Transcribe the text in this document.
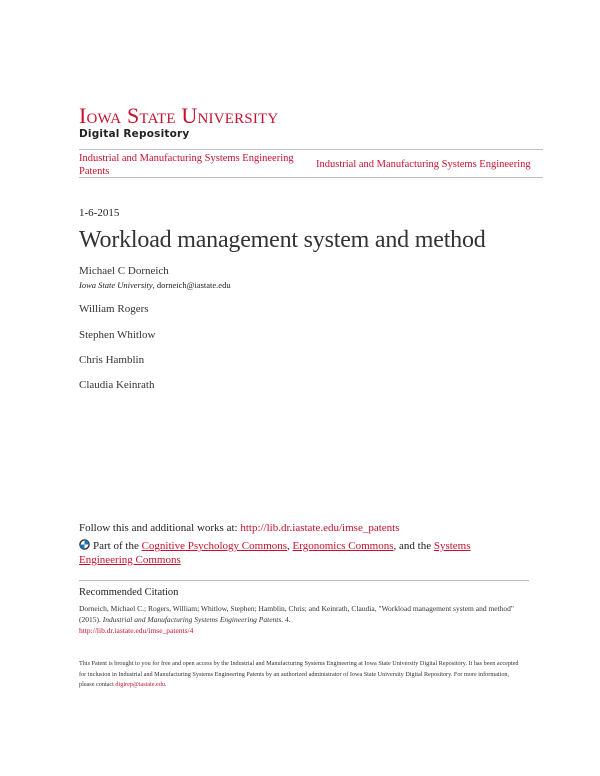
Iowa State University
Digital Repository
Industrial and Manufacturing Systems Engineering Patents
Industrial and Manufacturing Systems Engineering
1-6-2015
Workload management system and method
Michael C Dorneich
Iowa State University, dorneich@iastate.edu
William Rogers
Stephen Whitlow
Chris Hamblin
Claudia Keinrath
Follow this and additional works at: http://lib.dr.iastate.edu/imse_patents
Part of the Cognitive Psychology Commons, Ergonomics Commons, and the Systems Engineering Commons
Recommended Citation
Dorneich, Michael C.; Rogers, William; Whitlow, Stephen; Hamblin, Chris; and Keinrath, Claudia, "Workload management system and method" (2015). Industrial and Manufacturing Systems Engineering Patents. 4.
http://lib.dr.iastate.edu/imse_patents/4
This Patent is brought to you for free and open access by the Industrial and Manufacturing Systems Engineering at Iowa State University Digital Repository. It has been accepted for inclusion in Industrial and Manufacturing Systems Engineering Patents by an authorized administrator of Iowa State University Digital Repository. For more information, please contact digirep@iastate.edu.
